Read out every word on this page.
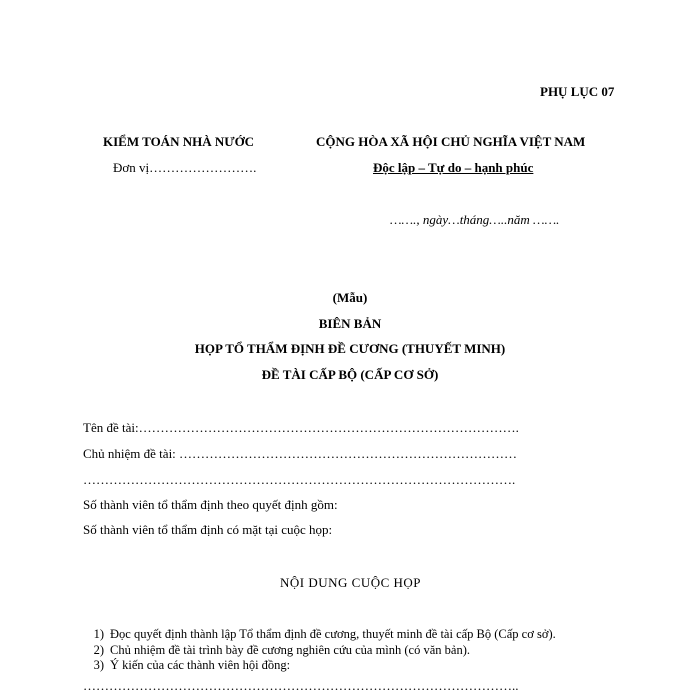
PHỤ LỤC 07
KIỂM TOÁN NHÀ NƯỚC
Đơn vị…………………….
CỘNG HÒA XÃ HỘI CHỦ NGHĨA VIỆT NAM
Độc lập – Tự do – hạnh phúc
……., ngày…tháng…..năm …….
(Mẫu)
BIÊN BẢN
HỌP TỔ THẨM ĐỊNH ĐỀ CƯƠNG (THUYẾT MINH)
ĐỀ TÀI CẤP BỘ (CẤP CƠ SỞ)
Tên đề tài:…………………………………………………………………………….
Chủ nhiệm đề tài: ……………………………………………………………………
……………………………………………………………………………………….
Số thành viên tổ thẩm định theo quyết định gồm:
Số thành viên tổ thẩm định có mặt tại cuộc họp:
NỘI DUNG CUỘC HỌP
1) Đọc quyết định thành lập Tổ thẩm định đề cương, thuyết minh đề tài cấp Bộ (Cấp cơ sở).
2) Chủ nhiệm đề tài trình bày đề cương nghiên cứu của mình (có văn bản).
3) Ý kiến của các thành viên hội đồng:
………………………………………………………………………………………..
